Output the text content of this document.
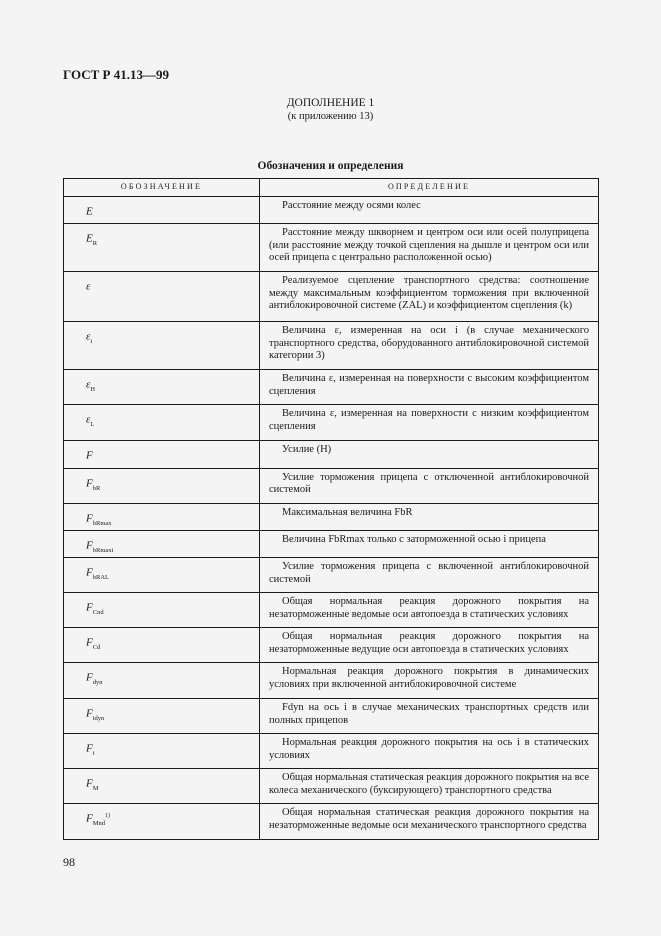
ГОСТ Р 41.13—99
ДОПОЛНЕНИЕ 1
(к приложению 13)
Обозначения и определения
ОБОЗНАЧЕНИЕ	ОПРЕДЕЛЕНИЕ
E	Расстояние между осями колес
$E_R$	Расстояние между шкворнем и центром оси или осей полуприцепа (или расстояние между точкой сцепления на дышле и центром оси или осей прицепа с центрально расположенной осью)
ε	Реализуемое сцепление транспортного средства: соотношение между максимальным коэффициентом торможения при включенной антиблокировочной системе (ZAL) и коэффициентом сцепления (k)
$\varepsilon_i$	Величина ε, измеренная на оси i (в случае механического транспортного средства, оборудованного антиблокировочной системой категории 3)
$\varepsilon_H$	Величина ε, измеренная на поверхности с высоким коэффициентом сцепления
$\varepsilon_L$	Величина ε, измеренная на поверхности с низким коэффициентом сцепления
F	Усилие (Н)
$F_{bR}$	Усилие торможения прицепа с отключенной антиблокировочной системой
$F_{bRmax}$	Максимальная величина FbR
$F_{bRmaxi}$	Величина FbRmax только с заторможенной осью i прицепа
$F_{bRAL}$	Усилие торможения прицепа с включенной антиблокировочной системой
$F_{Cnd}$	Общая нормальная реакция дорожного покрытия на незаторможенные ведомые оси автопоезда в статических условиях
$F_{Cd}$	Общая нормальная реакция дорожного покрытия на незаторможенные ведущие оси автопоезда в статических условиях
$F_{dyn}$	Нормальная реакция дорожного покрытия в динамических условиях при включенной антиблокировочной системе
$F_{idyn}$	Fdyn на ось i в случае механических транспортных средств или полных прицепов
$F_i$	Нормальная реакция дорожного покрытия на ось i в статических условиях
$F_M$	Общая нормальная статическая реакция дорожного покрытия на все колеса механического (буксирующего) транспортного средства
$F_{Mnd}^{1)}$	Общая нормальная статическая реакция дорожного покрытия на незаторможенные ведомые оси механического транспортного средства
98
